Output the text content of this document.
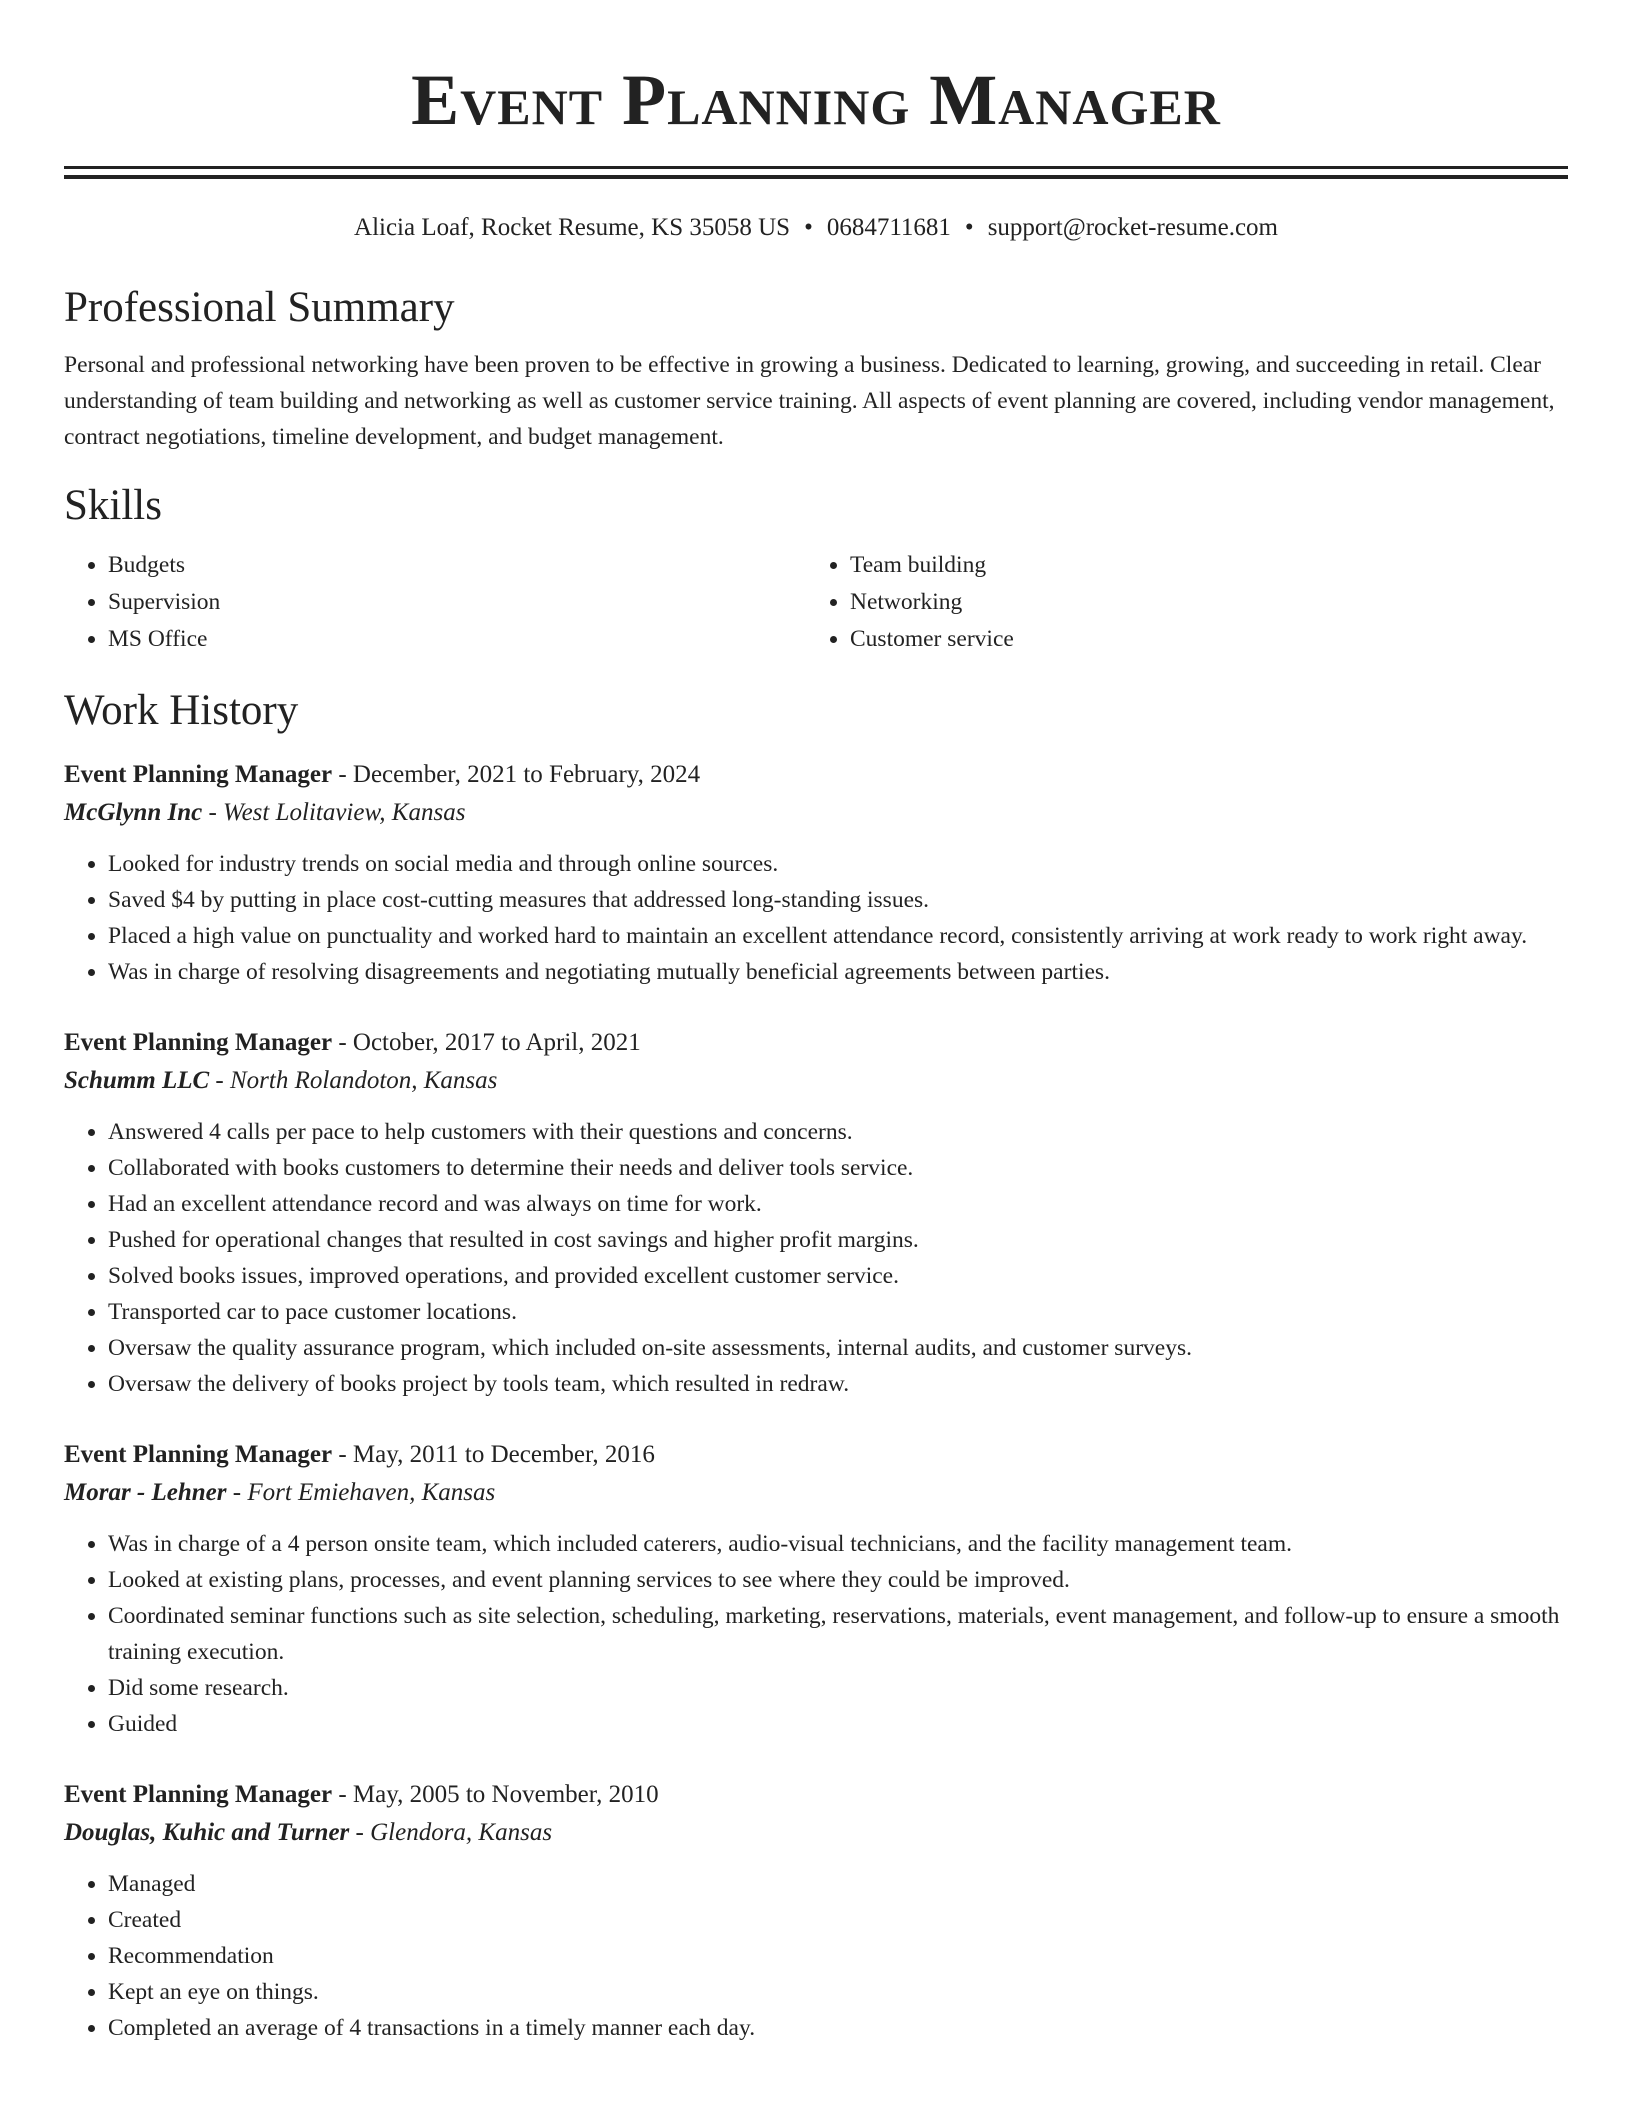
Event Planning Manager
Alicia Loaf, Rocket Resume, KS 35058 US • 0684711681 • support@rocket-resume.com
Professional Summary

Personal and professional networking have been proven to be effective in growing a business. Dedicated to learning, growing, and succeeding in retail. Clear understanding of team building and networking as well as customer service training. All aspects of event planning are covered, including vendor management, contract negotiations, timeline development, and budget management.

Skills
• Budgets
• Supervision
• MS Office
• Team building
• Networking
• Customer service
Work History
Event Planning Manager - December, 2021 to February, 2024
McGlynn Inc - West Lolitaview, Kansas
• Looked for industry trends on social media and through online sources.
• Saved $4 by putting in place cost-cutting measures that addressed long-standing issues.
• Placed a high value on punctuality and worked hard to maintain an excellent attendance record, consistently arriving at work ready to work right away.
• Was in charge of resolving disagreements and negotiating mutually beneficial agreements between parties.
Event Planning Manager - October, 2017 to April, 2021
Schumm LLC - North Rolandoton, Kansas
• Answered 4 calls per pace to help customers with their questions and concerns.
• Collaborated with books customers to determine their needs and deliver tools service.
• Had an excellent attendance record and was always on time for work.
• Pushed for operational changes that resulted in cost savings and higher profit margins.
• Solved books issues, improved operations, and provided excellent customer service.
• Transported car to pace customer locations.
• Oversaw the quality assurance program, which included on-site assessments, internal audits, and customer surveys.
• Oversaw the delivery of books project by tools team, which resulted in redraw.
Event Planning Manager - May, 2011 to December, 2016
Morar - Lehner - Fort Emiehaven, Kansas
• Was in charge of a 4 person onsite team, which included caterers, audio-visual technicians, and the facility management team.
• Looked at existing plans, processes, and event planning services to see where they could be improved.
• Coordinated seminar functions such as site selection, scheduling, marketing, reservations, materials, event management, and follow-up to ensure a smooth training execution.
• Did some research.
• Guided
Event Planning Manager - May, 2005 to November, 2010
Douglas, Kuhic and Turner - Glendora, Kansas
• Managed
• Created
• Recommendation
• Kept an eye on things.
• Completed an average of 4 transactions in a timely manner each day.
